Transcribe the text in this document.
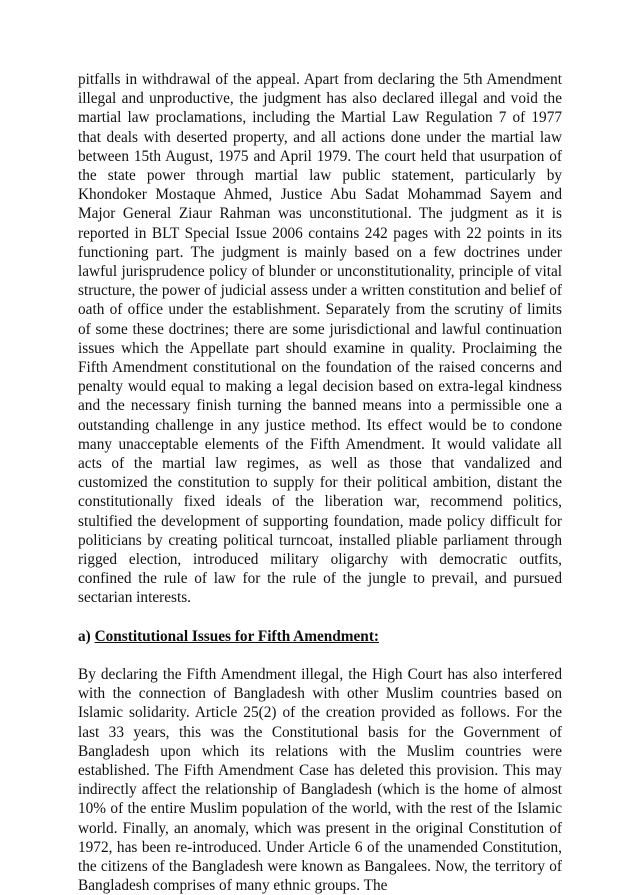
pitfalls in withdrawal of the appeal. Apart from declaring the 5th Amendment illegal and unproductive, the judgment has also declared illegal and void the martial law proclamations, including the Martial Law Regulation 7 of 1977 that deals with deserted property, and all actions done under the martial law between 15th August, 1975 and April 1979. The court held that usurpation of the state power through martial law public statement, particularly by Khondoker Mostaque Ahmed, Justice Abu Sadat Mohammad Sayem and Major General Ziaur Rahman was unconstitutional. The judgment as it is reported in BLT Special Issue 2006 contains 242 pages with 22 points in its functioning part. The judgment is mainly based on a few doctrines under lawful jurisprudence policy of blunder or unconstitutionality, principle of vital structure, the power of judicial assess under a written constitution and belief of oath of office under the establishment. Separately from the scrutiny of limits of some these doctrines; there are some jurisdictional and lawful continuation issues which the Appellate part should examine in quality. Proclaiming the Fifth Amendment constitutional on the foundation of the raised concerns and penalty would equal to making a legal decision based on extra-legal kindness and the necessary finish turning the banned means into a permissible one a outstanding challenge in any justice method. Its effect would be to condone many unacceptable elements of the Fifth Amendment. It would validate all acts of the martial law regimes, as well as those that vandalized and customized the constitution to supply for their political ambition, distant the constitutionally fixed ideals of the liberation war, recommend politics, stultified the development of supporting foundation, made policy difficult for politicians by creating political turncoat, installed pliable parliament through rigged election, introduced military oligarchy with democratic outfits, confined the rule of law for the rule of the jungle to prevail, and pursued sectarian interests.

a) Constitutional Issues for Fifth Amendment:

By declaring the Fifth Amendment illegal, the High Court has also interfered with the connection of Bangladesh with other Muslim countries based on Islamic solidarity. Article 25(2) of the creation provided as follows. For the last 33 years, this was the Constitutional basis for the Government of Bangladesh upon which its relations with the Muslim countries were established. The Fifth Amendment Case has deleted this provision. This may indirectly affect the relationship of Bangladesh (which is the home of almost 10% of the entire Muslim population of the world, with the rest of the Islamic world. Finally, an anomaly, which was present in the original Constitution of 1972, has been re-introduced. Under Article 6 of the unamended Constitution, the citizens of the Bangladesh were known as Bangalees. Now, the territory of Bangladesh comprises of many ethnic groups. The
